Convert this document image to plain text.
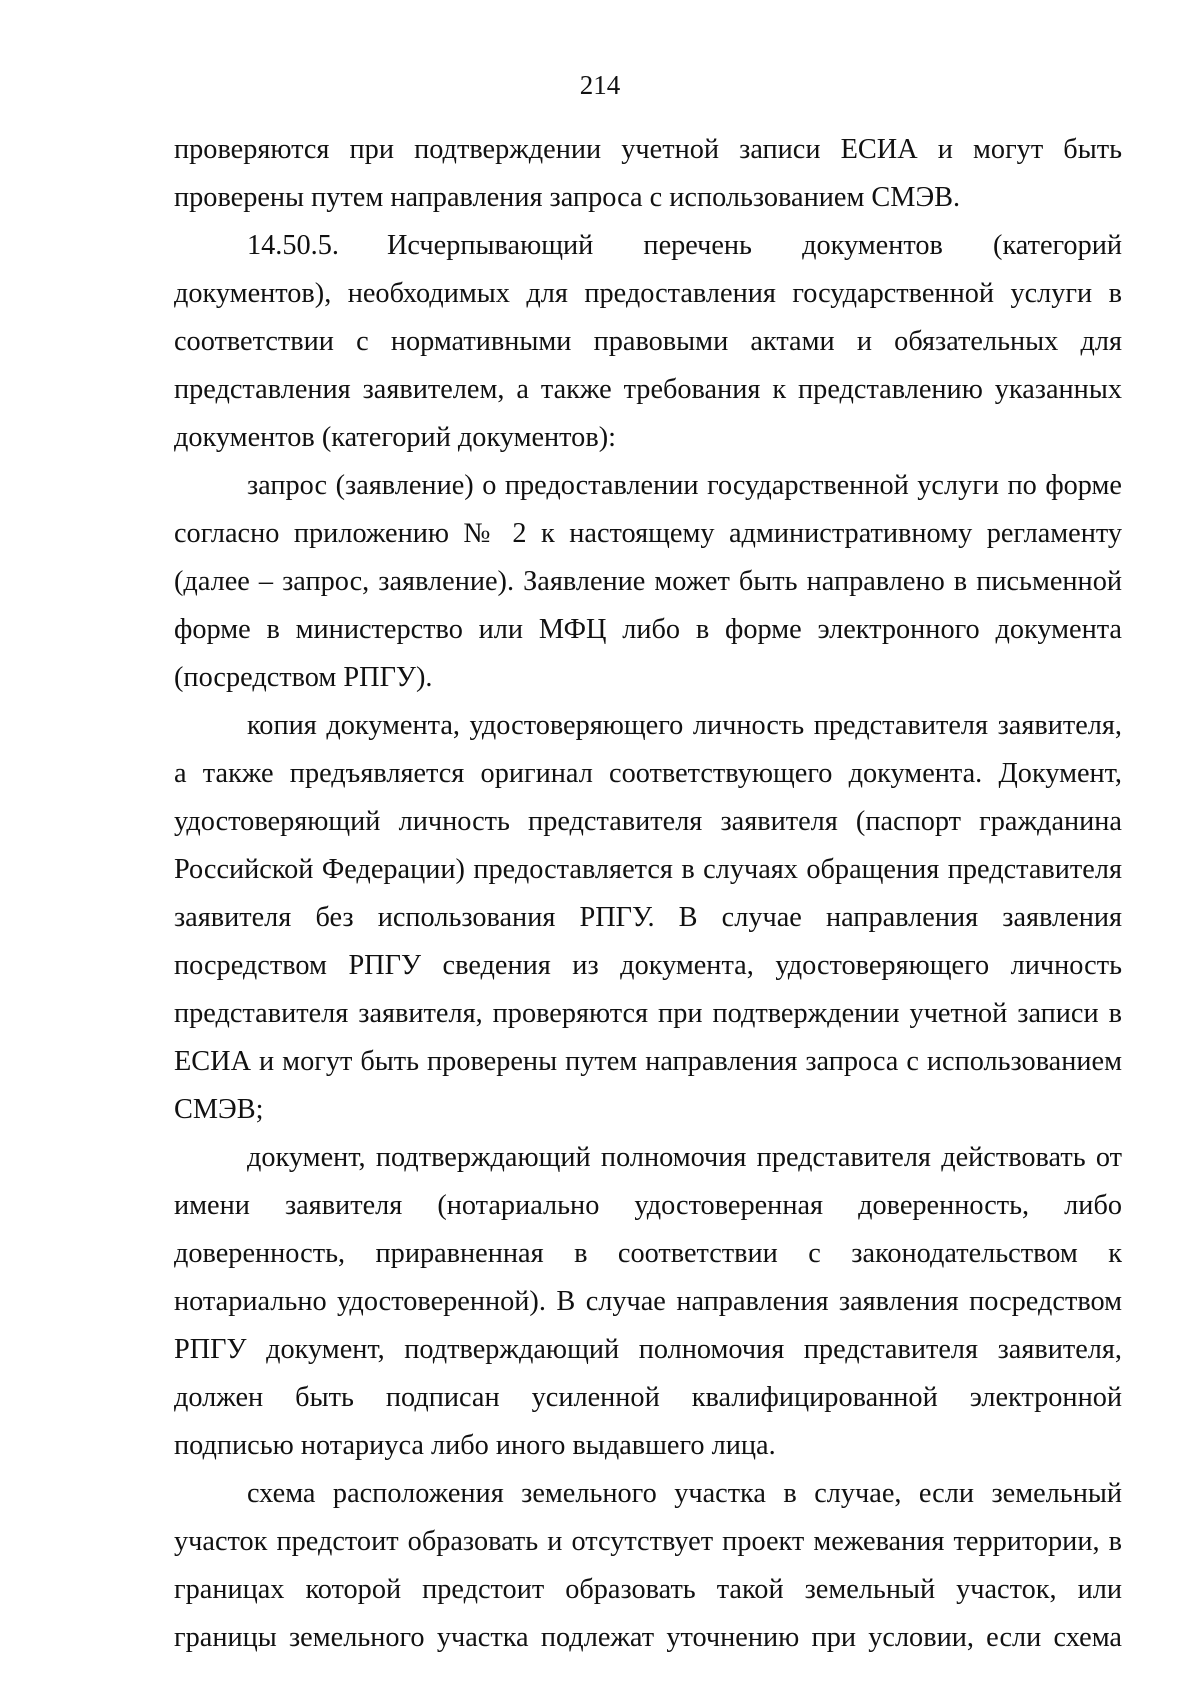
214

проверяются при подтверждении учетной записи ЕСИА и могут быть проверены путем направления запроса с использованием СМЭВ.

14.50.5. Исчерпывающий перечень документов (категорий документов), необходимых для предоставления государственной услуги в соответствии с нормативными правовыми актами и обязательных для представления заявителем, а также требования к представлению указанных документов (категорий документов):

запрос (заявление) о предоставлении государственной услуги по форме согласно приложению № 2 к настоящему административному регламенту (далее – запрос, заявление). Заявление может быть направлено в письменной форме в министерство или МФЦ либо в форме электронного документа (посредством РПГУ).

копия документа, удостоверяющего личность представителя заявителя, а также предъявляется оригинал соответствующего документа. Документ, удостоверяющий личность представителя заявителя (паспорт гражданина Российской Федерации) предоставляется в случаях обращения представителя заявителя без использования РПГУ. В случае направления заявления посредством РПГУ сведения из документа, удостоверяющего личность представителя заявителя, проверяются при подтверждении учетной записи в ЕСИА и могут быть проверены путем направления запроса с использованием СМЭВ;

документ, подтверждающий полномочия представителя действовать от имени заявителя (нотариально удостоверенная доверенность, либо доверенность, приравненная в соответствии с законодательством к нотариально удостоверенной). В случае направления заявления посредством РПГУ документ, подтверждающий полномочия представителя заявителя, должен быть подписан усиленной квалифицированной электронной подписью нотариуса либо иного выдавшего лица.

схема расположения земельного участка в случае, если земельный участок предстоит образовать и отсутствует проект межевания территории, в границах которой предстоит образовать такой земельный участок, или границы земельного участка подлежат уточнению при условии, если схема
